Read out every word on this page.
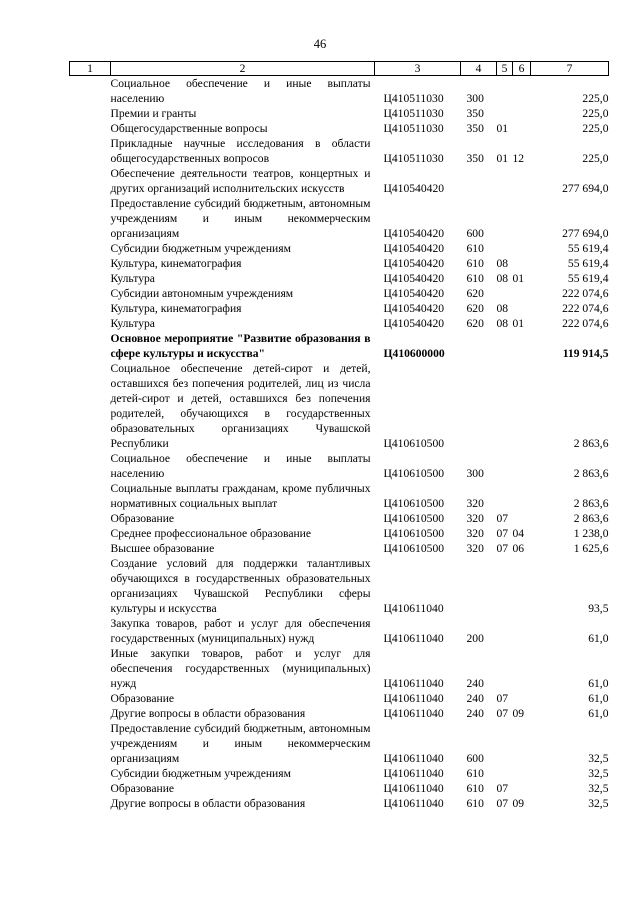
46
1	2	3	4	5	6	7
	Социальное обеспечение и иные выплаты населению	Ц410511030	300			225,0
	Премии и гранты	Ц410511030	350			225,0
	Общегосударственные вопросы	Ц410511030	350	01		225,0
	Прикладные научные исследования в области общегосударственных вопросов	Ц410511030	350	01	12	225,0
	Обеспечение деятельности театров, концертных и других организаций исполнительских искусств	Ц410540420				277 694,0
	Предоставление субсидий бюджетным, автономным учреждениям и иным некоммерческим организациям	Ц410540420	600			277 694,0
	Субсидии бюджетным учреждениям	Ц410540420	610			55 619,4
	Культура, кинематография	Ц410540420	610	08		55 619,4
	Культура	Ц410540420	610	08	01	55 619,4
	Субсидии автономным учреждениям	Ц410540420	620			222 074,6
	Культура, кинематография	Ц410540420	620	08		222 074,6
	Культура	Ц410540420	620	08	01	222 074,6
	Основное мероприятие "Развитие образования в сфере культуры и искусства"	Ц410600000				119 914,5
	Социальное обеспечение детей-сирот и детей, оставшихся без попечения родителей, лиц из числа детей-сирот и детей, оставшихся без попечения родителей, обучающихся в государственных образовательных организациях Чувашской Республики	Ц410610500				2 863,6
	Социальное обеспечение и иные выплаты населению	Ц410610500	300			2 863,6
	Социальные выплаты гражданам, кроме публичных нормативных социальных выплат	Ц410610500	320			2 863,6
	Образование	Ц410610500	320	07		2 863,6
	Среднее профессиональное образование	Ц410610500	320	07	04	1 238,0
	Высшее образование	Ц410610500	320	07	06	1 625,6
	Создание условий для поддержки талантливых обучающихся в государственных образовательных организациях Чувашской Республики сферы культуры и искусства	Ц410611040				93,5
	Закупка товаров, работ и услуг для обеспечения государственных (муниципальных) нужд	Ц410611040	200			61,0
	Иные закупки товаров, работ и услуг для обеспечения государственных (муниципальных) нужд	Ц410611040	240			61,0
	Образование	Ц410611040	240	07		61,0
	Другие вопросы в области образования	Ц410611040	240	07	09	61,0
	Предоставление субсидий бюджетным, автономным учреждениям и иным некоммерческим организациям	Ц410611040	600			32,5
	Субсидии бюджетным учреждениям	Ц410611040	610			32,5
	Образование	Ц410611040	610	07		32,5
	Другие вопросы в области образования	Ц410611040	610	07	09	32,5
